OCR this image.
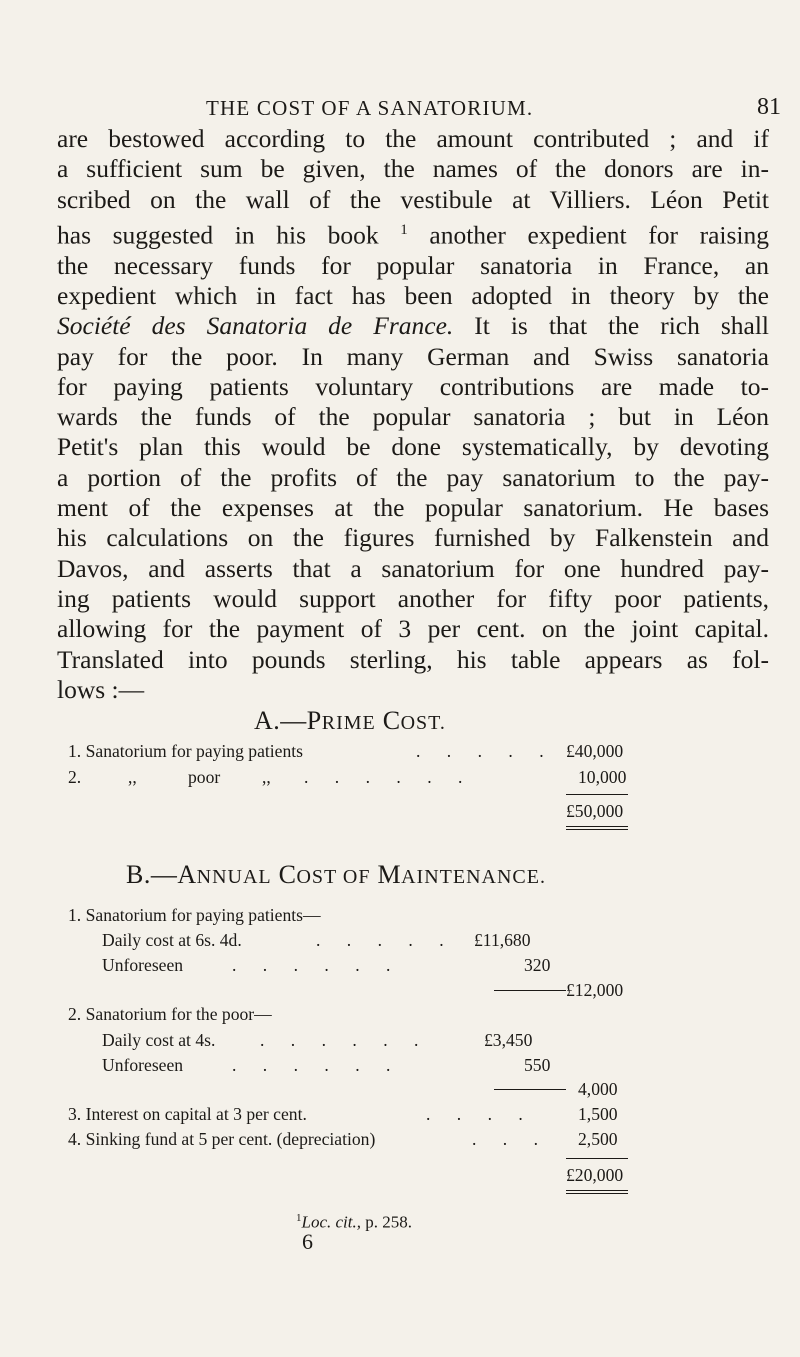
THE COST OF A SANATORIUM.	81
are bestowed according to the amount contributed ; and if
a sufficient sum be given, the names of the donors are in-
scribed on the wall of the vestibule at Villiers. Léon Petit
has suggested in his book $^1$ another expedient for raising
the necessary funds for popular sanatoria in France, an
expedient which in fact has been adopted in theory by the
Société des Sanatoria de France. It is that the rich shall
pay for the poor. In many German and Swiss sanatoria
for paying patients voluntary contributions are made to-
wards the funds of the popular sanatoria ; but in Léon
Petit's plan this would be done systematically, by devoting
a portion of the profits of the pay sanatorium to the pay-
ment of the expenses at the popular sanatorium. He bases
his calculations on the figures furnished by Falkenstein and
Davos, and asserts that a sanatorium for one hundred pay-
ing patients would support another for fifty poor patients,
allowing for the payment of 3 per cent. on the joint capital.
Translated into pounds sterling, his table appears as fol-
lows :—
A.—PRIME COST.
1. Sanatorium for paying patients	. . . . . £40,000
2.	,,	poor ,, . . . . . .	10,000
£50,000
B.—ANNUAL COST OF MAINTENANCE.
1. Sanatorium for paying patients—
Daily cost at 6s. 4d.	. . . . . £11,680
Unforeseen	. . . . . .	320
£12,000
2. Sanatorium for the poor—
Daily cost at 4s.	. . . . . .	£3,450
Unforeseen	. . . . . .	550
4,000
3. Interest on capital at 3 per cent.	. . . .	1,500
4. Sinking fund at 5 per cent. (depreciation)	. . . 2,500
£20,000
$^1$Loc. cit., p. 258.
6
